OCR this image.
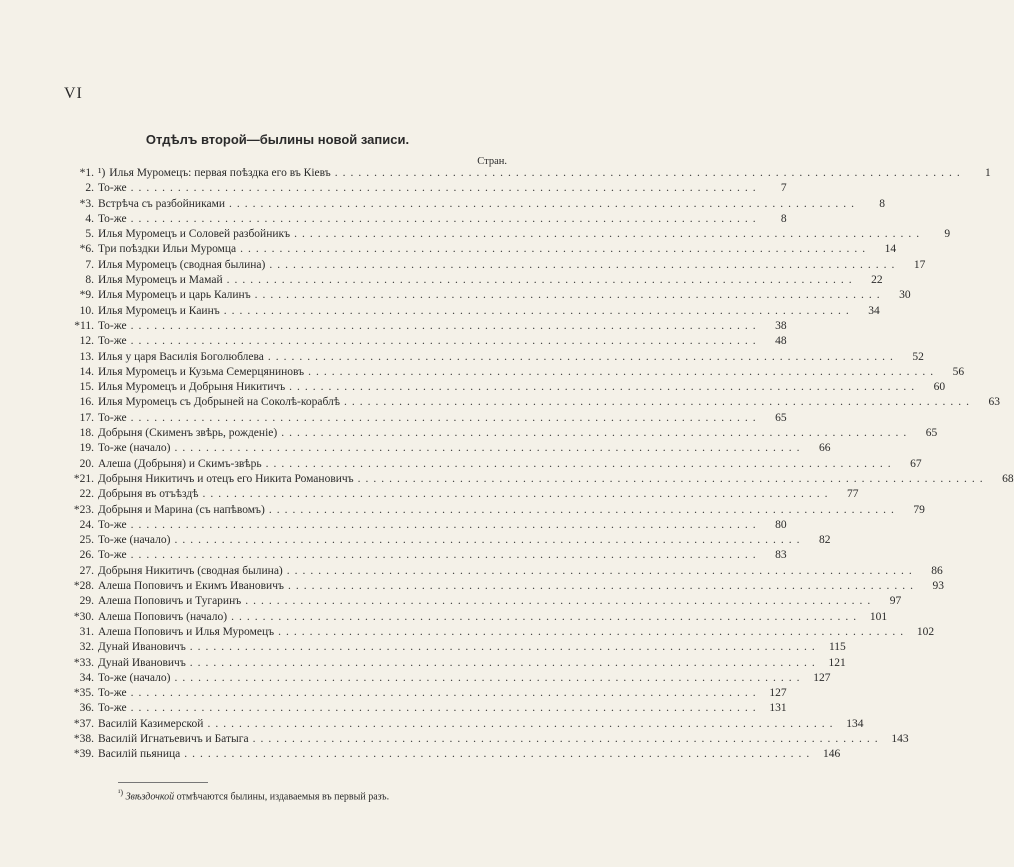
VI
Отдѣлъ второй—былины новой записи.
Стран.
*1. ¹) Илья Муромецъ: первая поѣздка его въ Кіевъ ................................................................................	1
2. То-же ................................................................................	7
*3. Встрѣча съ разбойниками ................................................................................	8
4. То-же ................................................................................	8
5. Илья Муромецъ и Соловей разбойникъ ................................................................................	9
*6. Три поѣздки Ильи Муромца ................................................................................	14
7. Илья Муромецъ (сводная былина) ................................................................................	17
8. Илья Муромецъ и Мамай ................................................................................	22
*9. Илья Муромецъ и царь Калинъ ................................................................................	30
10. Илья Муромецъ и Каинъ ................................................................................	34
*11. То-же ................................................................................	38
12. То-же ................................................................................	48
13. Илья у царя Василія Боголюблева ................................................................................	52
14. Илья Муромецъ и Кузьма Семерцяниновъ ................................................................................	56
15. Илья Муромецъ и Добрыня Никитичъ ................................................................................	60
16. Илья Муромецъ съ Добрыней на Соколѣ-кораблѣ ................................................................................	63
17. То-же ................................................................................	65
18. Добрыня (Скименъ звѣрь, рожденіе) ................................................................................	65
19. То-же (начало) ................................................................................	66
20. Алеша (Добрыня) и Скимъ-звѣрь ................................................................................	67
*21. Добрыня Никитичъ и отецъ его Никита Романовичъ ................................................................................	68
22. Добрыня въ отъѣздѣ ................................................................................	77
*23. Добрыня и Марина (съ напѣвомъ) ................................................................................	79
24. То-же ................................................................................	80
25. То-же (начало) ................................................................................	82
26. То-же ................................................................................	83
27. Добрыня Никитичъ (сводная былина) ................................................................................	86
*28. Алеша Поповичъ и Екимъ Ивановичъ ................................................................................	93
29. Алеша Поповичъ и Тугаринъ ................................................................................	97
*30. Алеша Поповичъ (начало) ................................................................................ 101
31. Алеша Поповичъ и Илья Муромецъ ................................................................................ 102
32. Дунай Ивановичъ ................................................................................ 115
*33. Дунай Ивановичъ ................................................................................ 121
34. То-же (начало) ................................................................................ 127
*35. То-же ................................................................................ 127
36. То-же ................................................................................ 131
*37. Василій Казимерской ................................................................................ 134
*38. Василій Игнатьевичъ и Батыга ................................................................................ 143
*39. Василій пьяница ................................................................................ 146
$^{^1)}$ Звѣздочкой отмѣчаются былины, издаваемыя въ первый разъ.
